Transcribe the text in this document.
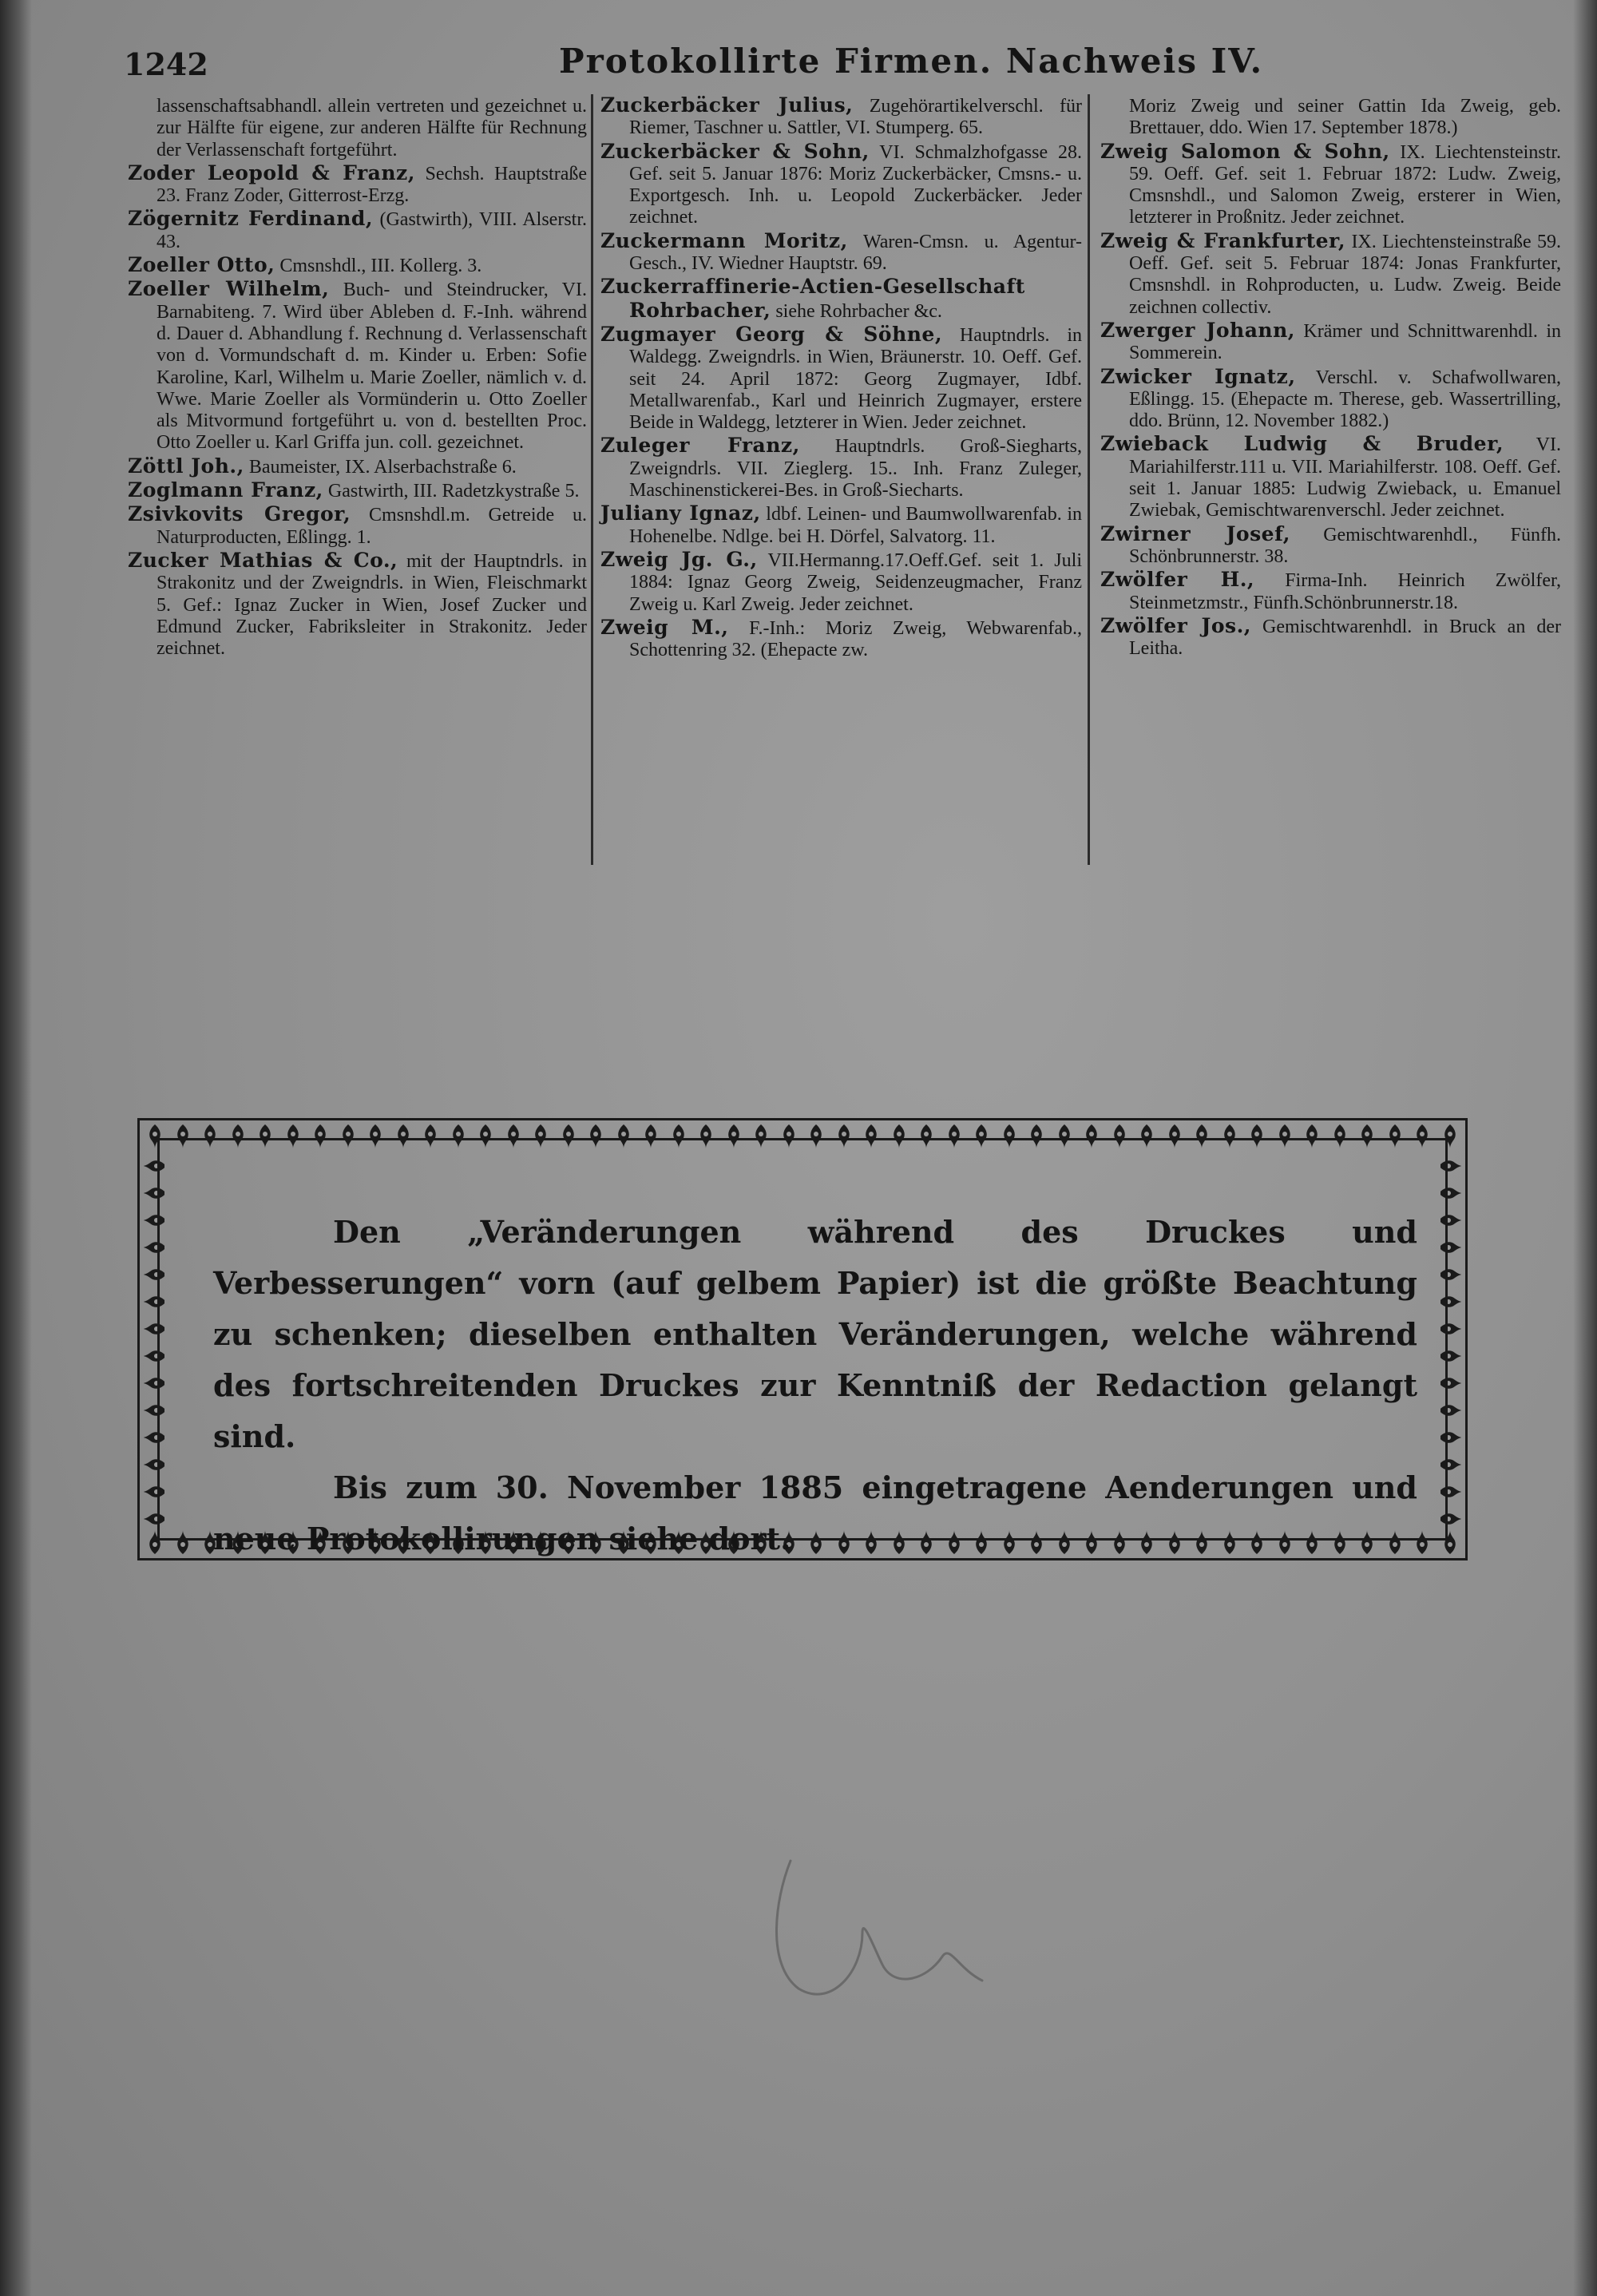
1242	Protokollirte Firmen. Nachweis IV.

lassenschaftsabhandl. allein vertreten und gezeichnet u. zur Hälfte für eigene, zur anderen Hälfte für Rechnung der Verlassenschaft fortgeführt.

Zoder Leopold & Franz, Sechsh. Hauptstraße 23. Franz Zoder, Gitterrost-Erzg.

Zögernitz Ferdinand, (Gastwirth), VIII. Alserstr. 43.

Zoeller Otto, Cmsnshdl., III. Kollerg. 3.

Zoeller Wilhelm, Buch- und Steindrucker, VI. Barnabiteng. 7. Wird über Ableben d. F.-Inh. während d. Dauer d. Abhandlung f. Rechnung d. Verlassenschaft von d. Vormundschaft d. m. Kinder u. Erben: Sofie Karoline, Karl, Wilhelm u. Marie Zoeller, nämlich v. d. Wwe. Marie Zoeller als Vormünderin u. Otto Zoeller als Mitvormund fortgeführt u. von d. bestellten Proc. Otto Zoeller u. Karl Griffa jun. coll. gezeichnet.

Zöttl Joh., Baumeister, IX. Alserbachstraße 6.

Zoglmann Franz, Gastwirth, III. Radetzkystraße 5.

Zsivkovits Gregor, Cmsnshdl.m. Getreide u. Naturproducten, Eßlingg. 1.

Zucker Mathias & Co., mit der Hauptndrls. in Strakonitz und der Zweigndrls. in Wien, Fleischmarkt 5. Gef.: Ignaz Zucker in Wien, Josef Zucker und Edmund Zucker, Fabriksleiter in Strakonitz. Jeder zeichnet.

Zuckerbäcker Julius, Zugehörartikelverschl. für Riemer, Taschner u. Sattler, VI. Stumperg. 65.

Zuckerbäcker & Sohn, VI. Schmalzhofgasse 28. Gef. seit 5. Januar 1876: Moriz Zuckerbäcker, Cmsns.- u. Exportgesch. Inh. u. Leopold Zuckerbäcker. Jeder zeichnet.

Zuckermann Moritz, Waren-Cmsn. u. Agentur-Gesch., IV. Wiedner Hauptstr. 69.

Zuckerraffinerie-Actien-Gesellschaft Rohrbacher, siehe Rohrbacher &c.

Zugmayer Georg & Söhne, Hauptndrls. in Waldegg. Zweigndrls. in Wien, Bräunerstr. 10. Oeff. Gef. seit 24. April 1872: Georg Zugmayer, Idbf. Metallwarenfab., Karl und Heinrich Zugmayer, erstere Beide in Waldegg, letzterer in Wien. Jeder zeichnet.

Zuleger Franz, Hauptndrls. Groß-Siegharts, Zweigndrls. VII. Zieglerg. 15.. Inh. Franz Zuleger, Maschinenstickerei-Bes. in Groß-Siecharts.

Juliany Ignaz, ldbf. Leinen- und Baumwollwarenfab. in Hohenelbe. Ndlge. bei H. Dörfel, Salvatorg. 11.

Zweig Jg. G., VII.Hermanng.17.Oeff.Gef. seit 1. Juli 1884: Ignaz Georg Zweig, Seidenzeugmacher, Franz Zweig u. Karl Zweig. Jeder zeichnet.

Zweig M., F.-Inh.: Moriz Zweig, Webwarenfab., Schottenring 32. (Ehepacte zw.

Moriz Zweig und seiner Gattin Ida Zweig, geb. Brettauer, ddo. Wien 17. September 1878.)

Zweig Salomon & Sohn, IX. Liechtensteinstr. 59. Oeff. Gef. seit 1. Februar 1872: Ludw. Zweig, Cmsnshdl., und Salomon Zweig, ersterer in Wien, letzterer in Proßnitz. Jeder zeichnet.

Zweig & Frankfurter, IX. Liechtensteinstraße 59. Oeff. Gef. seit 5. Februar 1874: Jonas Frankfurter, Cmsnshdl. in Rohproducten, u. Ludw. Zweig. Beide zeichnen collectiv.

Zwerger Johann, Krämer und Schnittwarenhdl. in Sommerein.

Zwicker Ignatz, Verschl. v. Schafwollwaren, Eßlingg. 15. (Ehepacte m. Therese, geb. Wassertrilling, ddo. Brünn, 12. November 1882.)

Zwieback Ludwig & Bruder, VI. Mariahilferstr.111 u. VII. Mariahilferstr. 108. Oeff. Gef. seit 1. Januar 1885: Ludwig Zwieback, u. Emanuel Zwiebak, Gemischtwarenverschl. Jeder zeichnet.

Zwirner Josef, Gemischtwarenhdl., Fünfh. Schönbrunnerstr. 38.

Zwölfer H., Firma-Inh. Heinrich Zwölfer, Steinmetzmstr., Fünfh.Schönbrunnerstr.18.

Zwölfer Jos., Gemischtwarenhdl. in Bruck an der Leitha.

Den „Veränderungen während des Druckes und Verbesserungen“ vorn (auf gelbem Papier) ist die größte Beachtung zu schenken; dieselben enthalten Veränderungen, welche während des fortschreitenden Druckes zur Kenntniß der Redaction gelangt sind.

Bis zum 30. November 1885 eingetragene Aenderungen und neue Protokollirungen siehe dort.
